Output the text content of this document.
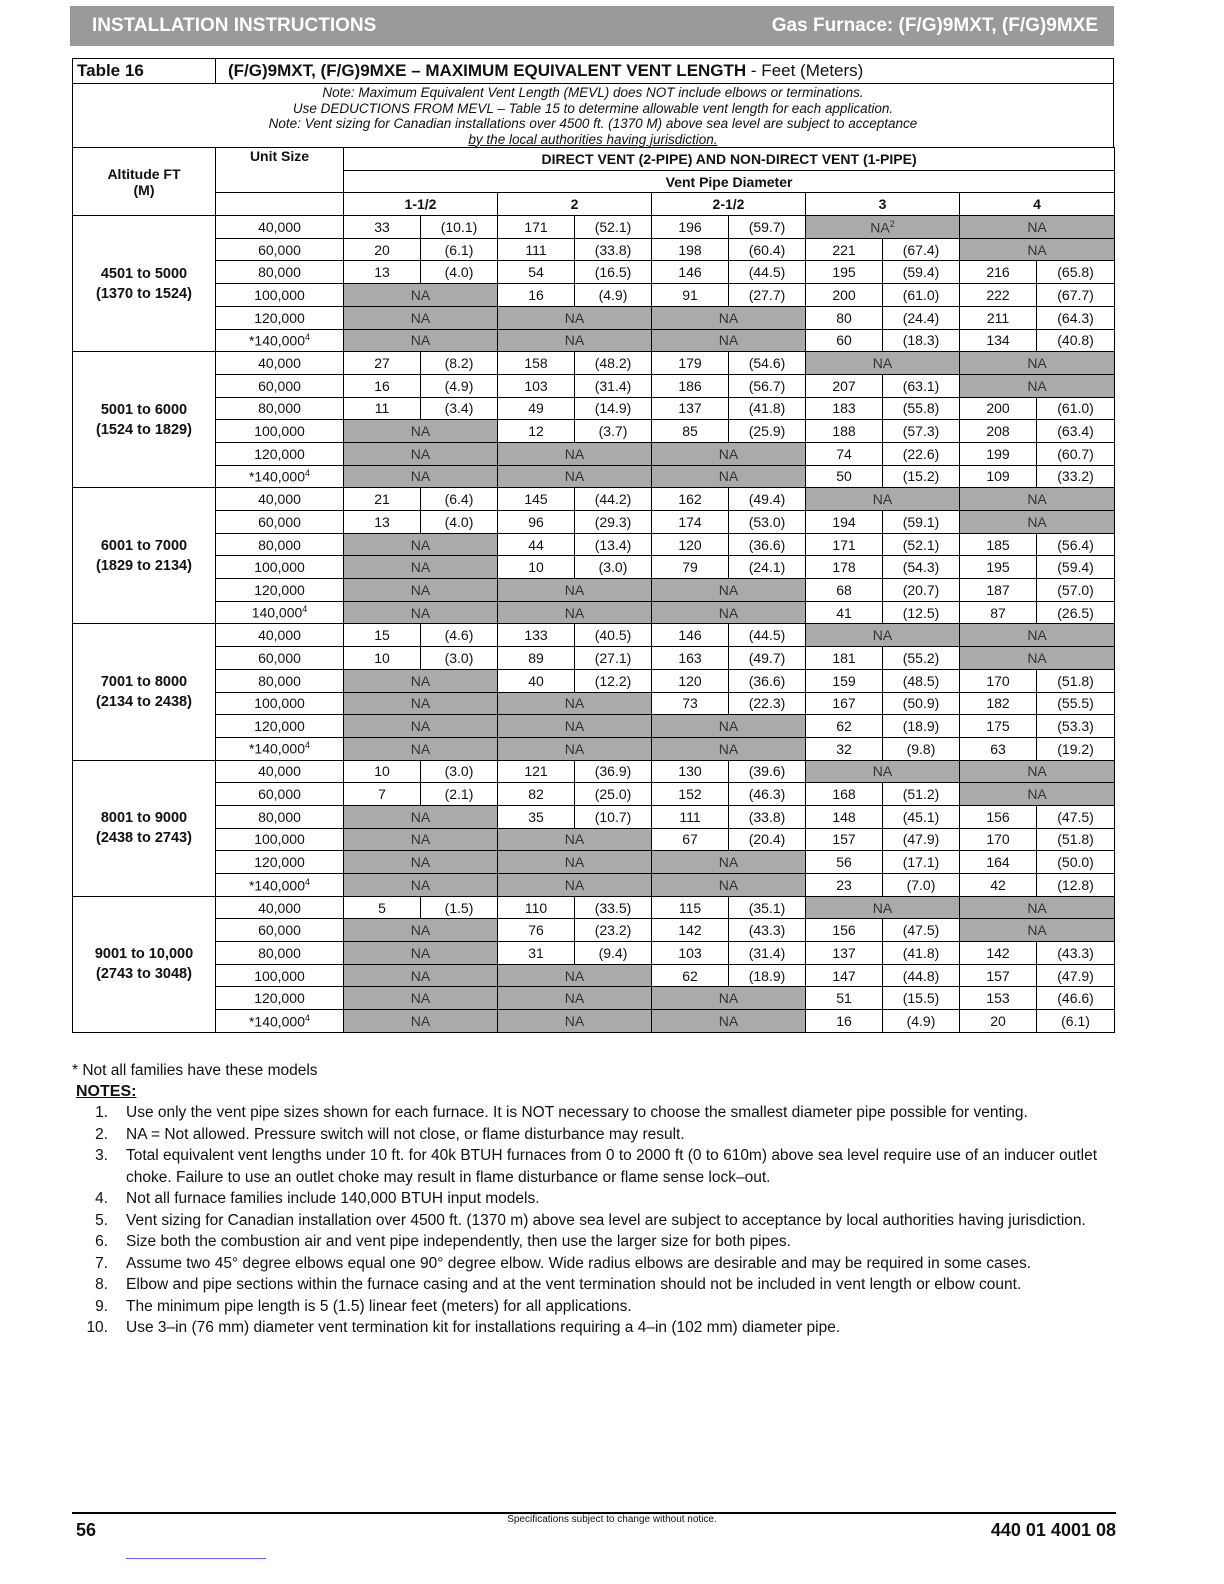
INSTALLATION INSTRUCTIONS	Gas Furnace: (F/G)9MXT, (F/G)9MXE
Table 16	(F/G)9MXT, (F/G)9MXE – MAXIMUM EQUIVALENT VENT LENGTH - Feet (Meters)
Note: Maximum Equivalent Vent Length (MEVL) does NOT include elbows or terminations.
Use DEDUCTIONS FROM MEVL – Table 15 to determine allowable vent length for each application.
Note: Vent sizing for Canadian installations over 4500 ft. (1370 M) above sea level are subject to acceptance
by the local authorities having jurisdiction.
Altitude FT (M)	Unit Size	DIRECT VENT (2-PIPE) AND NON-DIRECT VENT (1-PIPE)									
		Vent Pipe Diameter									
		1-1/2		2		2-1/2		3		4	

4501 to 5000
(1370 to 1524)	40,000	33	(10.1)	171	(52.1)	196	(59.7)	$NA^2$		NA	
	60,000	20	(6.1)	111	(33.8)	198	(60.4)	221	(67.4)	NA	
	80,000	13	(4.0)	54	(16.5)	146	(44.5)	195	(59.4)	216	(65.8)
	100,000	NA		16	(4.9)	91	(27.7)	200	(61.0)	222	(67.7)
	120,000	NA		NA		NA		80	(24.4)	211	(64.3)
	*140,000$^4$	NA		NA		NA		60	(18.3)	134	(40.8)

5001 to 6000
(1524 to 1829)	40,000	27	(8.2)	158	(48.2)	179	(54.6)	NA		NA	
	60,000	16	(4.9)	103	(31.4)	186	(56.7)	207	(63.1)	NA	
	80,000	11	(3.4)	49	(14.9)	137	(41.8)	183	(55.8)	200	(61.0)
	100,000	NA		12	(3.7)	85	(25.9)	188	(57.3)	208	(63.4)
	120,000	NA		NA		NA		74	(22.6)	199	(60.7)
	*140,000$^4$	NA		NA		NA		50	(15.2)	109	(33.2)

6001 to 7000
(1829 to 2134)	40,000	21	(6.4)	145	(44.2)	162	(49.4)	NA		NA	
	60,000	13	(4.0)	96	(29.3)	174	(53.0)	194	(59.1)	NA	
	80,000	NA		44	(13.4)	120	(36.6)	171	(52.1)	185	(56.4)
	100,000	NA		10	(3.0)	79	(24.1)	178	(54.3)	195	(59.4)
	120,000	NA		NA		NA		68	(20.7)	187	(57.0)
	140,000$^4$	NA		NA		NA		41	(12.5)	87	(26.5)

7001 to 8000
(2134 to 2438)	40,000	15	(4.6)	133	(40.5)	146	(44.5)	NA		NA	
	60,000	10	(3.0)	89	(27.1)	163	(49.7)	181	(55.2)	NA	
	80,000	NA		40	(12.2)	120	(36.6)	159	(48.5)	170	(51.8)
	100,000	NA		NA		73	(22.3)	167	(50.9)	182	(55.5)
	120,000	NA		NA		NA		62	(18.9)	175	(53.3)
	*140,000$^4$	NA		NA		NA		32	(9.8)	63	(19.2)

8001 to 9000
(2438 to 2743)	40,000	10	(3.0)	121	(36.9)	130	(39.6)	NA		NA	
	60,000	7	(2.1)	82	(25.0)	152	(46.3)	168	(51.2)	NA	
	80,000	NA		35	(10.7)	111	(33.8)	148	(45.1)	156	(47.5)
	100,000	NA		NA		67	(20.4)	157	(47.9)	170	(51.8)
	120,000	NA		NA		NA		56	(17.1)	164	(50.0)
	*140,000$^4$	NA		NA		NA		23	(7.0)	42	(12.8)

9001 to 10,000
(2743 to 3048)	40,000	5	(1.5)	110	(33.5)	115	(35.1)	NA		NA	
	60,000	NA		76	(23.2)	142	(43.3)	156	(47.5)	NA	
	80,000	NA		31	(9.4)	103	(31.4)	137	(41.8)	142	(43.3)
	100,000	NA		NA		62	(18.9)	147	(44.8)	157	(47.9)
	120,000	NA		NA		NA		51	(15.5)	153	(46.6)
	*140,000$^4$	NA		NA		NA		16	(4.9)	20	(6.1)
* Not all families have these models
NOTES:
1.	Use only the vent pipe sizes shown for each furnace. It is NOT necessary to choose the smallest diameter pipe possible for venting.
2.	NA = Not allowed. Pressure switch will not close, or flame disturbance may result.
3.	Total equivalent vent lengths under 10 ft. for 40k BTUH furnaces from 0 to 2000 ft (0 to 610m) above sea level require use of an inducer outlet choke. Failure to use an outlet choke may result in flame disturbance or flame sense lock–out.
4.	Not all furnace families include 140,000 BTUH input models.
5.	Vent sizing for Canadian installation over 4500 ft. (1370 m) above sea level are subject to acceptance by local authorities having jurisdiction.
6.	Size both the combustion air and vent pipe independently, then use the larger size for both pipes.
7.	Assume two 45° degree elbows equal one 90° degree elbow. Wide radius elbows are desirable and may be required in some cases.
8.	Elbow and pipe sections within the furnace casing and at the vent termination should not be included in vent length or elbow count.
9.	The minimum pipe length is 5 (1.5) linear feet (meters) for all applications.
10.	Use 3–in (76 mm) diameter vent termination kit for installations requiring a 4–in (102 mm) diameter pipe.
56
Specifications subject to change without notice.
440 01 4001 08
